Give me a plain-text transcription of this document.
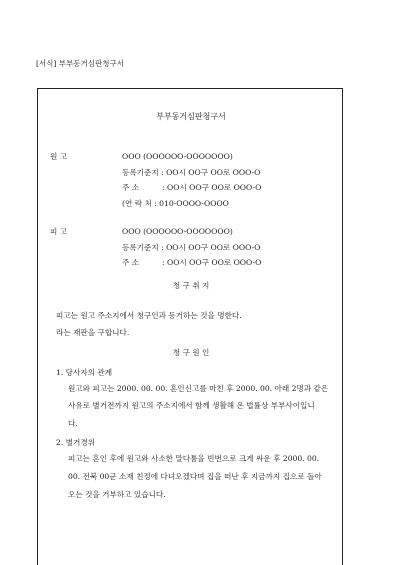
[서식] 부부동거심판청구서
부부동거심판청구서
원 고	OOO (OOOOOO-OOOOOOO)
등록기준지 : OO시 OO구 OO로 OOO-O
주 소	: OO시 OO구 OO로 OOO-O
(연 락 처 : 010-OOOO-OOOO
피 고	OOO (OOOOOO-OOOOOOO)
등록기준지 : OO시 OO구 OO로 OOO-O
주 소	: OO시 OO구 OO로 OOO-O
청 구 취 지
피고는 원고 주소지에서 청구인과 동거하는 것을 명한다.
라는 재판을 구합니다.
청 구 원 인
1. 당사자의 관계
원고와 피고는 2000. 00. 00. 혼인신고를 마친 후 2000. 00. 아래 2명과 같은
사유로 별거전까지 원고의 주소지에서 함께 생활해 온 법률상 부부사이입니
다.
2. 별거경위
피고는 혼인 후에 원고와 사소한 말다툼을 빈번으로 크게 싸운 후 2000. 00.
00. 전북 00군 소재 친정에 다녀오겠다며 집을 떠난 후 지금까지 집으로 돌아
오는 것을 거부하고 있습니다.
